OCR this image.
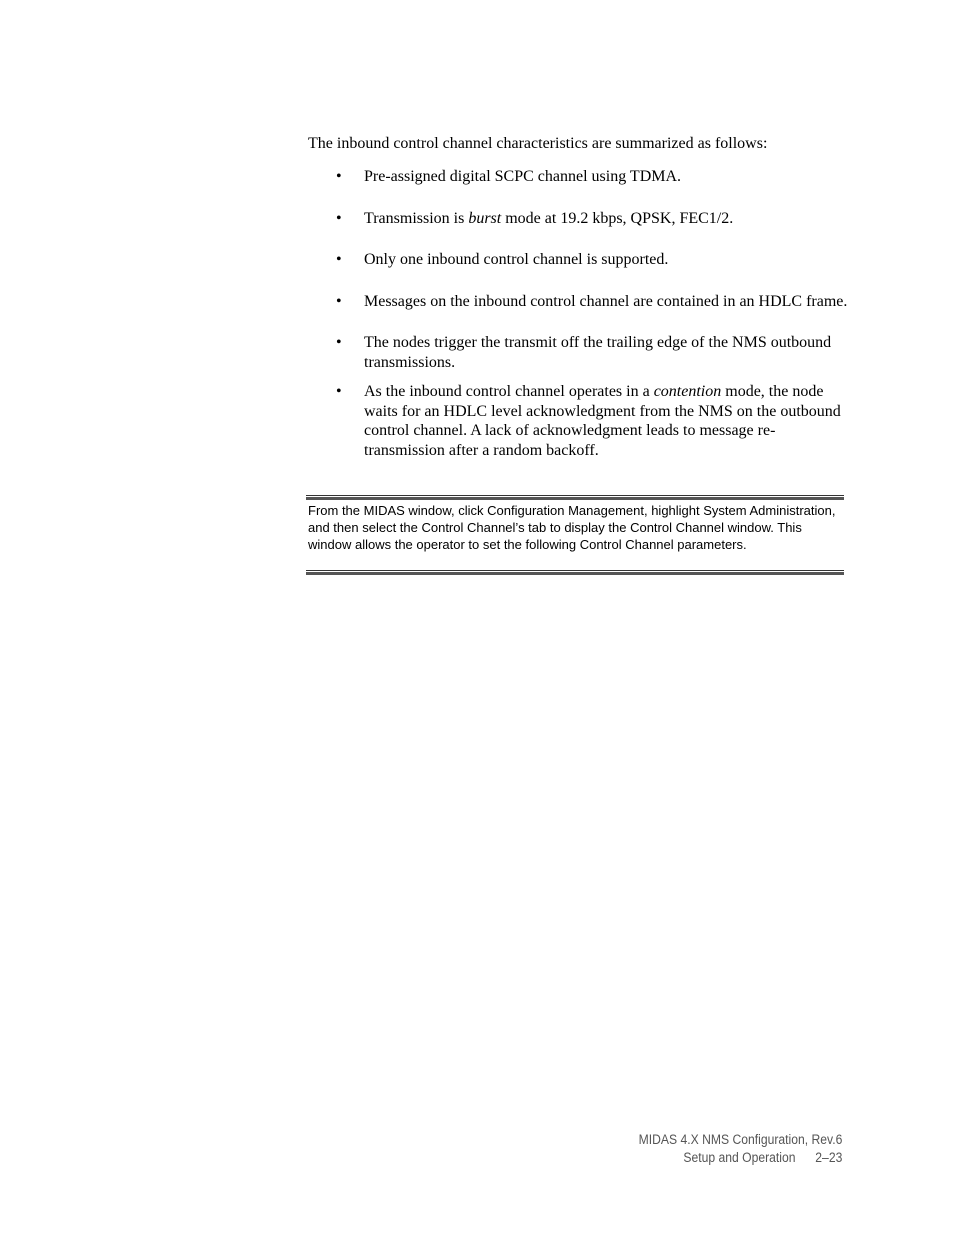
The inbound control channel characteristics are summarized as follows:

• Pre-assigned digital SCPC channel using TDMA.
• Transmission is burst mode at 19.2 kbps, QPSK, FEC1/2.
• Only one inbound control channel is supported.
• Messages on the inbound control channel are contained in an HDLC frame.
• The nodes trigger the transmit off the trailing edge of the NMS outbound transmissions.
• As the inbound control channel operates in a contention mode, the node waits for an HDLC level acknowledgment from the NMS on the outbound control channel. A lack of acknowledgment leads to message re-transmission after a random backoff.

From the MIDAS window, click Configuration Management, highlight System Administration, and then select the Control Channel’s tab to display the Control Channel window. This window allows the operator to set the following Control Channel parameters.

MIDAS 4.X NMS Configuration, Rev.6
Setup and Operation 2–23
